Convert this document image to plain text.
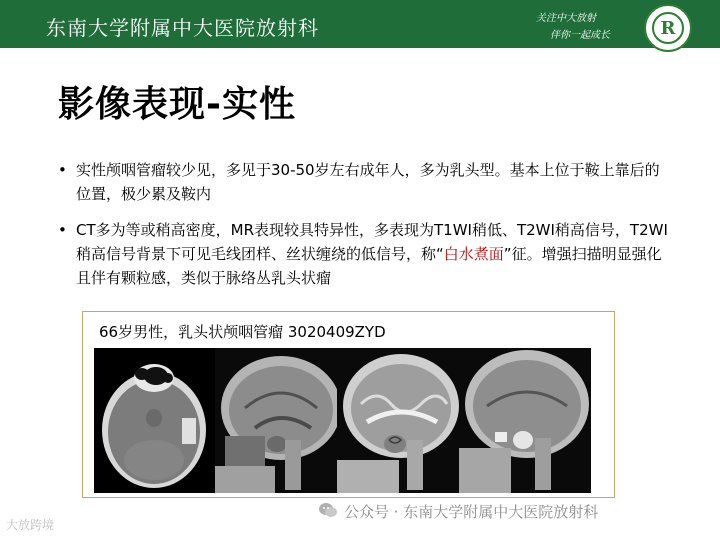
东南大学附属中大医院放射科	关注中大放射
伴你一起成长	R
影像表现-实性
• 实性颅咽管瘤较少见，多见于30-50岁左右成年人，多为乳头型。基本上位于鞍上靠后的位置，极少累及鞍内
• CT多为等或稍高密度，MR表现较具特异性，多表现为T1WI稍低、T2WI稍高信号，T2WI稍高信号背景下可见毛线团样、丝状缠绕的低信号，称“白水煮面”征。增强扫描明显强化且伴有颗粒感，类似于脉络丛乳头状瘤
66岁男性，乳头状颅咽管瘤 3020409ZYD
公众号 · 东南大学附属中大医院放射科
大放跨境
